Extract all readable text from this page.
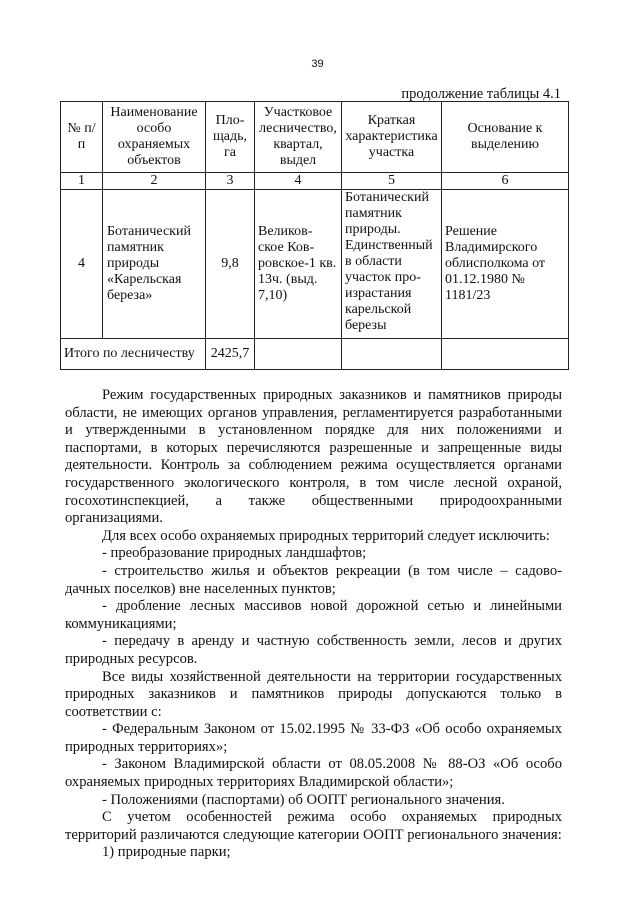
39
продолжение таблицы 4.1
№ п/п	Наименование особо охраняемых объектов	Пло-щадь, га	Участковое лесничество, квартал, выдел	Краткая характеристика участка	Основание к выделению
1	2	3	4	5	6
4	Ботанический памятник природы «Карельская береза»	9,8	Великов-ское Ков-ровское-1 кв. 13ч. (выд. 7,10)	Ботанический памятник природы. Единственный в области участок про-израстания карельской березы	Решение Владимирского облисполкома от 01.12.1980 № 1181/23
Итого по лесничеству		2425,7			

Режим государственных природных заказников и памятников природы области, не имеющих органов управления, регламентируется разработанными и утвержденными в установленном порядке для них положениями и паспортами, в которых перечисляются разрешенные и запрещенные виды деятельности. Контроль за соблюдением режима осуществляется органами государственного экологического контроля, в том числе лесной охраной, госохотинспекцией, а также общественными природоохранными организациями.

Для всех особо охраняемых природных территорий следует исключить:

- преобразование природных ландшафтов;

- строительство жилья и объектов рекреации (в том числе – садово-дачных поселков) вне населенных пунктов;

- дробление лесных массивов новой дорожной сетью и линейными коммуникациями;

- передачу в аренду и частную собственность земли, лесов и других природных ресурсов.

Все виды хозяйственной деятельности на территории государственных природных заказников и памятников природы допускаются только в соответствии с:

- Федеральным Законом от 15.02.1995 № 33-ФЗ «Об особо охраняемых природных территориях»;

- Законом Владимирской области от 08.05.2008 № 88-ОЗ «Об особо охраняемых природных территориях Владимирской области»;

- Положениями (паспортами) об ООПТ регионального значения.

С учетом особенностей режима особо охраняемых природных территорий различаются следующие категории ООПТ регионального значения:

1) природные парки;
